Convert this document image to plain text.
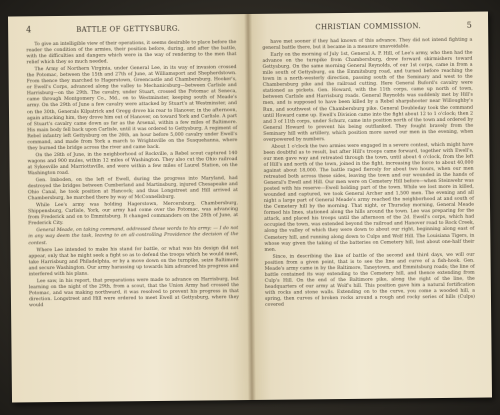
4	BATTLE OF GETTYSBURG.

To give an intelligible view of their operations, it seems desirable to place before the reader the condition of the armies, their position before, during, and after the battle, with the difficulties and dangers which were in the way of rendering to the men that relief which they so much needed.

The Army of Northern Virginia, under General Lee, in its way of invasion crossed the Potomac, between the 15th and 27th of June, at Williamsport and Shepherdstown. From thence they marched to Hagerstown, Greencastle and Chambersburg. Hooker's, or Ewell's Corps, advanced along the valley to Mechanicsburg—between Carlisle and Harrisburg—on the 29th. The cavalry, under Stuart, crossed the Potomac at Seneca, came through Montgomery Co., Md., on to Westminster, keeping south of Meade's army. On the 29th of June a few cavalry were attacked by Stuart's at Westminster, and on the 30th, Generals Kilpatrick and Gregg drove his rear to Hanover, in the afternoon, again attacking him, they drove him out of Hanover, on toward York and Carlisle. A part of Stuart's cavalry came down as far as the Arsenal, within a few miles of Baltimore. His main body fell back upon Carlisle, until it was ordered to Gettysburg. A regiment of Rebel infantry left Gettysburg on the 26th, an hour before 5,000 cavalry under Ewell's command, and made from York a march to Wrightsville on the Susquehanna, where they burned the bridge across the river and came back.

On the 28th of June, in the neighborhood of Rockville, a Rebel scout captured 140 wagons and 900 mules, within 12 miles of Washington. They also cut the Ohio railroad at Sykesville and Marriottsville, and were within a few miles of Laurel Station, on the Washington road.

Gen. Imboden, on the left of Ewell, during the progress into Maryland, had destroyed the bridges between Cumberland and Martinsburg, injured Chesapeake and Ohio Canal, he took position at Hancock; and thus Longstreet and Hill arrived at Chambersburg, he marched there by way of McConnellsburg.

While Lee's army was holding Hagerstown, Mercersburg, Chambersburg, Shippensburg, Carlisle, York, our army had come over the Potomac, was advancing from Frederick and on to Emmitsburg. It changed commanders on the 28th of June, at Frederick City.

General Meade, on taking command, addressed these words to his army: — I do not in any way deem the task, leaving to an all-controlling Providence the decision of the contest.

Where Lee intended to make his stand for battle, or what was his design did not appear, only that he might seek a fight so as to defend the troops which he would meet, take Harrisburg and Philadelphia, or by a move down on the turnpike, seize Baltimore and secure Washington. Our army harassing up towards him advanced his progress and interfered with his plans.

Lee saw, in his report, that preparations were made to advance on Harrisburg, but learning on the night of the 29th, from a scout, that the Union Army had crossed the Potomac, and was making northward, it was resolved to prevent his progress in that direction. Longstreet and Hill were ordered to meet Ewell at Gettysburg, where they would

CHRISTIAN COMMISSION.	5

have met sooner if they had known of this advance. They did not intend fighting a general battle there, but it became in a measure unavoidable.

Early on the morning of July 1st, General A. P. Hill, of Lee's army, who then had the advance on the turnpike from Chambersburg, drew forward skirmishers toward Gettysburg. On the same morning General Reynolds, of our 1st corps, came in from a mile south of Gettysburg, on the Emmitsburg road, and turned before reaching the town in a north-westerly direction, passing south of the Seminary and west to the Chambersburg pike and the railroad cutting. Here General Buford's cavalry were stationed as pickets. Gen. Howard, with the 11th corps, came up north of town, between Carlisle and Harrisburg roads. General Reynolds was suddenly met by Hill's men, and is supposed to have been killed by a Rebel sharpshooter near Willoughby's Run, and southwest of the Chambersburg pike. General Doubleday took the command until Howard came up. Ewell's Division came into the fight about 12 to 1 o'clock; then 2 and 3 of 11th corps, under Schurz, came into position north of the town and ordered by General Howard to prevent his being outflanked. They fought bravely from the Seminary hill with artillery, which position more saved our men in the evening, when overpowered by numbers.

About 1 o'clock the two armies were engaged in a severe contest, which might have been doubtful as to result, but after Hill's troops came forward, together with Ewell's, our men gave way and retreated through the town, until about 4 o'clock, from the left of Hill's and north of the town, joined in the fight, increasing the force to about 40,000 against about 18,000. The battle raged fiercely for about two hours, when our men retreated both across these sides, leaving the town and our wounded in the hands of General's Ewell and Hill. Our men were on Cemetery Hill before—when Steinwehr was posted with his reserve—Ewell holding part of the town. While we lost more in killed, wounded and captured, we took General Archer and 1,500 men. The evening and all night a large part of General Meade's army reached the neighborhood at and south of the Cemetery hill by the morning. That night, or Thursday morning, General Meade formed his lines, stationed along the hills around the town. Lee was preparing for the attack, and placed his troops until the afternoon of the 2d. Ewell's corps, which had occupied the town, was extended beyond the railroad and Hanover road to Rock Creek, along the valley of which they were down to about our right, beginning along east of Cemetery hill, and running along down to Culps and Wolf Hill. The Louisiana Tigers, in whose way given the taking of the batteries on Cemetery hill, lost about one-half their men.

Since, in describing the line of battle of the second and third days, we will our position from a given point, that is to see the line and curve of a fish-hook. Gen. Meade's army came in by the Baltimore, Taneytown, and Emmitsburg roads; the line of battle contained its way extending to the Cemetery hill, and thence extending from Culp's Hill. On the end of the Baltimore pike, along the right of the line, the headquarters of our army at Wolf's hill. This position gave him a natural fortification with rocks and stone walls. Extending on to the curve, you come a wooded hill, a spring, then curves of broken rocks around a rough and rocky series of hills (Culps) covered
